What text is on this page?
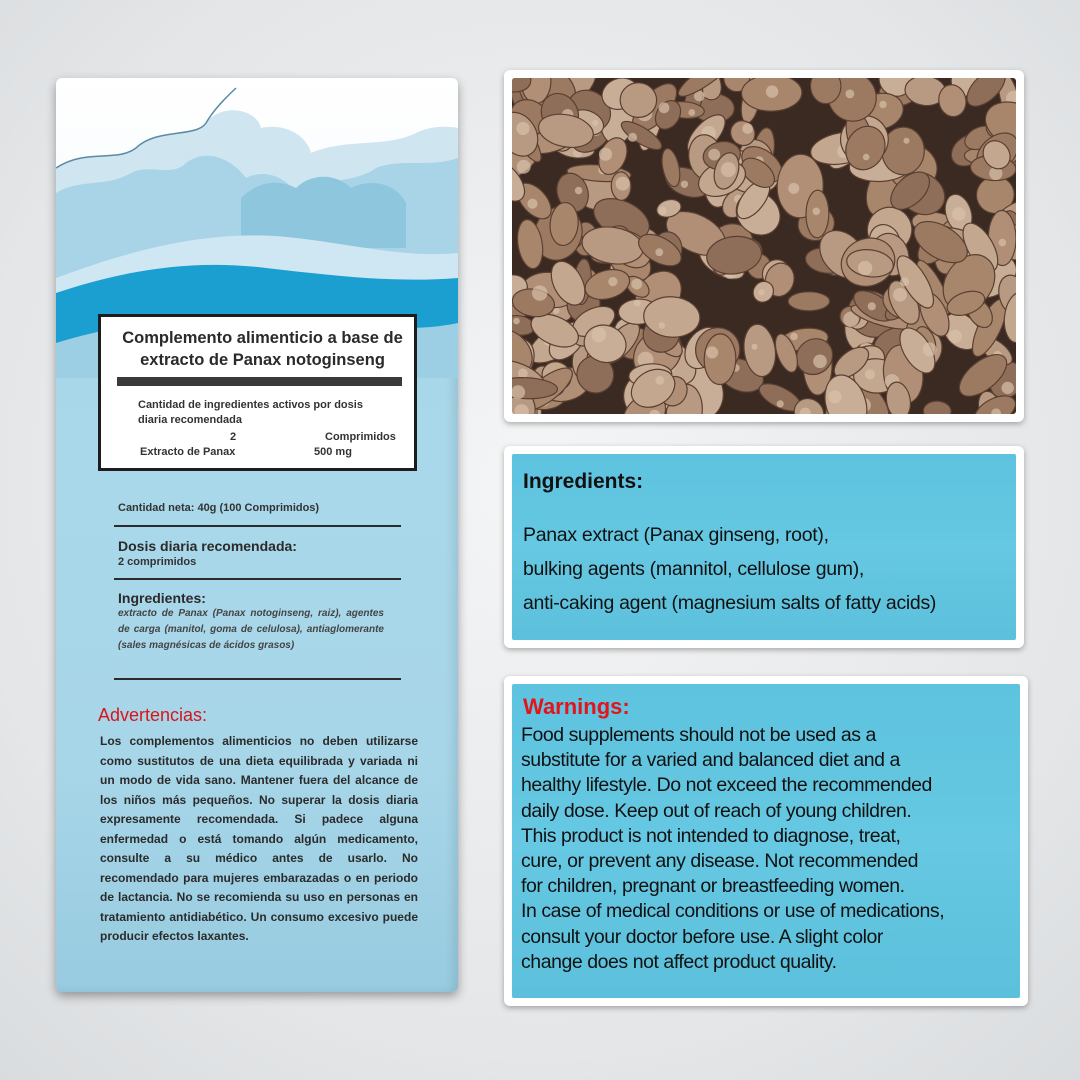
Complemento alimenticio a base de extracto de Panax notoginseng
Cantidad de ingredientes activos por dosis diaria recomendada
2	Comprimidos
Extracto de Panax	500 mg
Cantidad neta: 40g (100 Comprimidos)
Dosis diaria recomendada:
2 comprimidos
Ingredientes:
extracto de Panax (Panax notoginseng, raiz), agentes de carga (manitol, goma de celulosa), antiaglomerante (sales magnésicas de ácidos grasos)
Advertencias:
Los complementos alimenticios no deben utilizarse como sustitutos de una dieta equilibrada y variada ni un modo de vida sano. Mantener fuera del alcance de los niños más pequeños. No superar la dosis diaria expresamente recomendada. Si padece alguna enfermedad o está tomando algún medicamento, consulte a su médico antes de usarlo. No recomendado para mujeres embarazadas o en periodo de lactancia. No se recomienda su uso en personas en tratamiento antidiabético. Un consumo excesivo puede producir efectos laxantes.
Ingredients:
Panax extract (Panax ginseng, root),
bulking agents (mannitol, cellulose gum),
anti-caking agent (magnesium salts of fatty acids)
Warnings:
Food supplements should not be used as a
substitute for a varied and balanced diet and a
healthy lifestyle. Do not exceed the recommended
daily dose. Keep out of reach of young children.
This product is not intended to diagnose, treat,
cure, or prevent any disease. Not recommended
for children, pregnant or breastfeeding women.
In case of medical conditions or use of medications,
consult your doctor before use. A slight color
change does not affect product quality.
